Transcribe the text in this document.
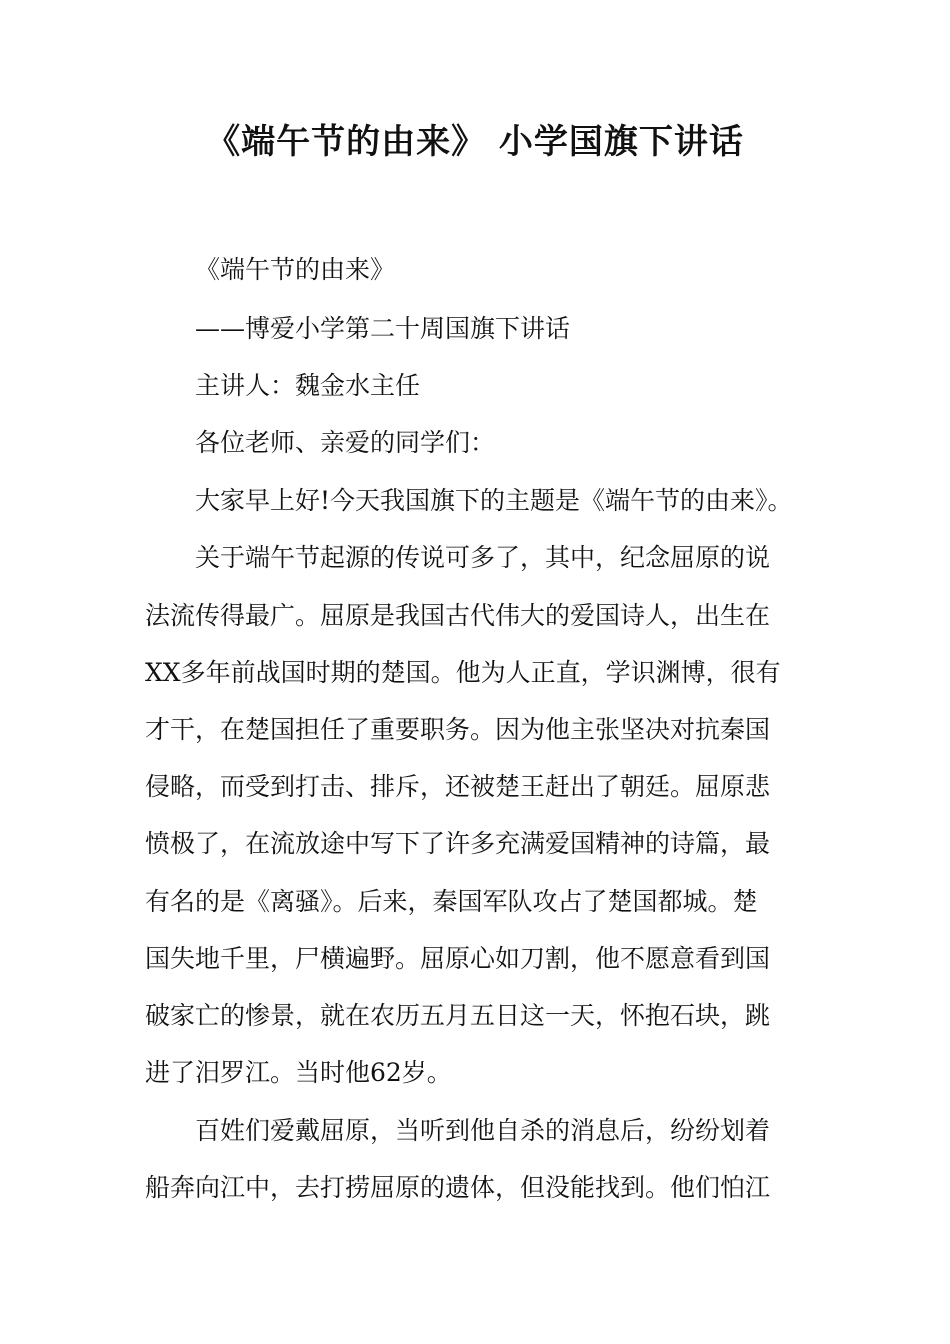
《端午节的由来》 小学国旗下讲话
《端午节的由来》
——博爱小学第二十周国旗下讲话
主讲人：魏金水主任
各位老师、亲爱的同学们：
大家早上好!今天我国旗下的主题是《端午节的由来》。
关于端午节起源的传说可多了，其中，纪念屈原的说
法流传得最广。屈原是我国古代伟大的爱国诗人，出生在
XX多年前战国时期的楚国。他为人正直，学识渊博，很有
才干，在楚国担任了重要职务。因为他主张坚决对抗秦国
侵略，而受到打击、排斥，还被楚王赶出了朝廷。屈原悲
愤极了，在流放途中写下了许多充满爱国精神的诗篇，最
有名的是《离骚》。后来，秦国军队攻占了楚国都城。楚
国失地千里，尸横遍野。屈原心如刀割，他不愿意看到国
破家亡的惨景，就在农历五月五日这一天，怀抱石块，跳
进了汨罗江。当时他62岁。
百姓们爱戴屈原，当听到他自杀的消息后，纷纷划着
船奔向江中，去打捞屈原的遗体，但没能找到。他们怕江
